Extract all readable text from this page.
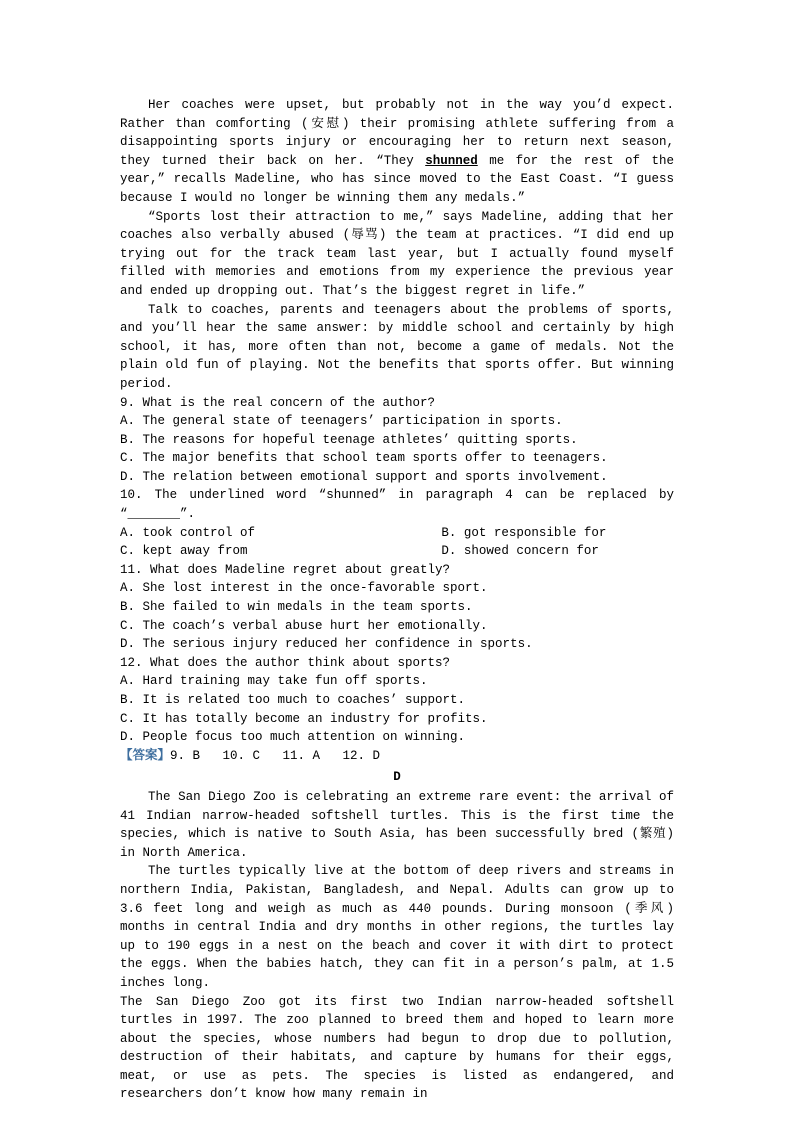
Her coaches were upset, but probably not in the way you’d expect. Rather than comforting (安慰) their promising athlete suffering from a disappointing sports injury or encouraging her to return next season, they turned their back on her. “They shunned me for the rest of the year,” recalls Madeline, who has since moved to the East Coast. “I guess because I would no longer be winning them any medals.”

“Sports lost their attraction to me,” says Madeline, adding that her coaches also verbally abused (辱骂) the team at practices. “I did end up trying out for the track team last year, but I actually found myself filled with memories and emotions from my experience the previous year and ended up dropping out. That’s the biggest regret in life.”

Talk to coaches, parents and teenagers about the problems of sports, and you’ll hear the same answer: by middle school and certainly by high school, it has, more often than not, become a game of medals. Not the plain old fun of playing. Not the benefits that sports offer. But winning period.

9. What is the real concern of the author?
A. The general state of teenagers’ participation in sports.
B. The reasons for hopeful teenage athletes’ quitting sports.
C. The major benefits that school team sports offer to teenagers.
D. The relation between emotional support and sports involvement.
10. The underlined word “shunned” in paragraph 4 can be replaced by “_______”.
A. took control of	B. got responsible for
C. kept away from	D. showed concern for
11. What does Madeline regret about greatly?
A. She lost interest in the once-favorable sport.
B. She failed to win medals in the team sports.
C. The coach’s verbal abuse hurt her emotionally.
D. The serious injury reduced her confidence in sports.
12. What does the author think about sports?
A. Hard training may take fun off sports.
B. It is related too much to coaches’ support.
C. It has totally become an industry for profits.
D. People focus too much attention on winning.
【答案】9. B   10. C   11. A   12. D
D

The San Diego Zoo is celebrating an extreme rare event: the arrival of 41 Indian narrow-headed softshell turtles. This is the first time the species, which is native to South Asia, has been successfully bred (繁殖) in North America.

The turtles typically live at the bottom of deep rivers and streams in northern India, Pakistan, Bangladesh, and Nepal. Adults can grow up to 3.6 feet long and weigh as much as 440 pounds. During monsoon (季风) months in central India and dry months in other regions, the turtles lay up to 190 eggs in a nest on the beach and cover it with dirt to protect the eggs. When the babies hatch, they can fit in a person’s palm, at 1.5 inches long.

The San Diego Zoo got its first two Indian narrow-headed softshell turtles in 1997. The zoo planned to breed them and hoped to learn more about the species, whose numbers had begun to drop due to pollution, destruction of their habitats, and capture by humans for their eggs, meat, or use as pets. The species is listed as endangered, and researchers don’t know how many remain in
